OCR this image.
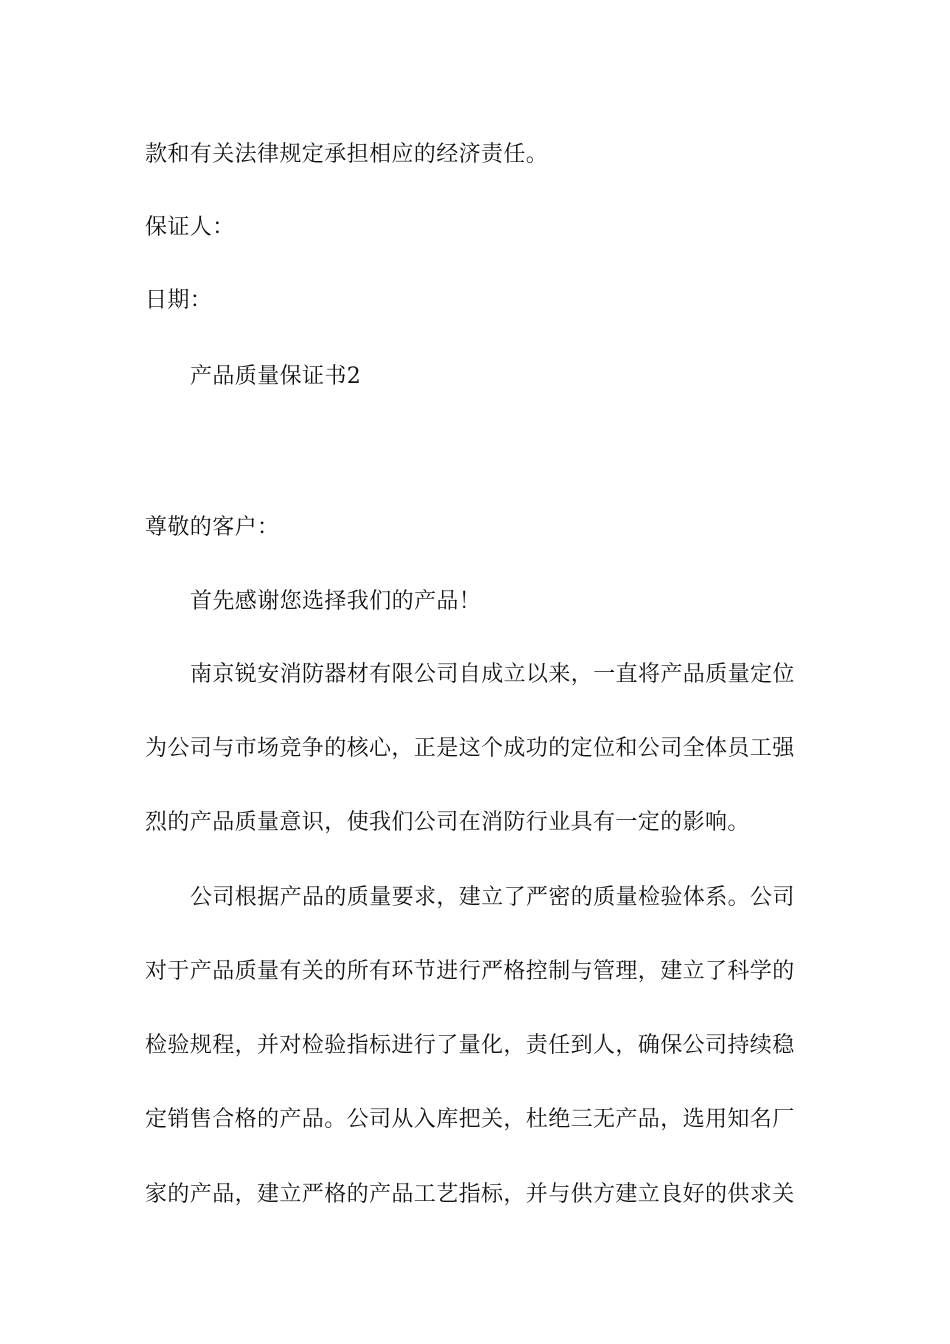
款和有关法律规定承担相应的经济责任。
保证人：
日期：
产品质量保证书2
尊敬的客户：
首先感谢您选择我们的产品！
南京锐安消防器材有限公司自成立以来，一直将产品质量定位
为公司与市场竞争的核心，正是这个成功的定位和公司全体员工强
烈的产品质量意识，使我们公司在消防行业具有一定的影响。
公司根据产品的质量要求，建立了严密的质量检验体系。公司
对于产品质量有关的所有环节进行严格控制与管理，建立了科学的
检验规程，并对检验指标进行了量化，责任到人，确保公司持续稳
定销售合格的产品。公司从入库把关，杜绝三无产品，选用知名厂
家的产品，建立严格的产品工艺指标，并与供方建立良好的供求关
